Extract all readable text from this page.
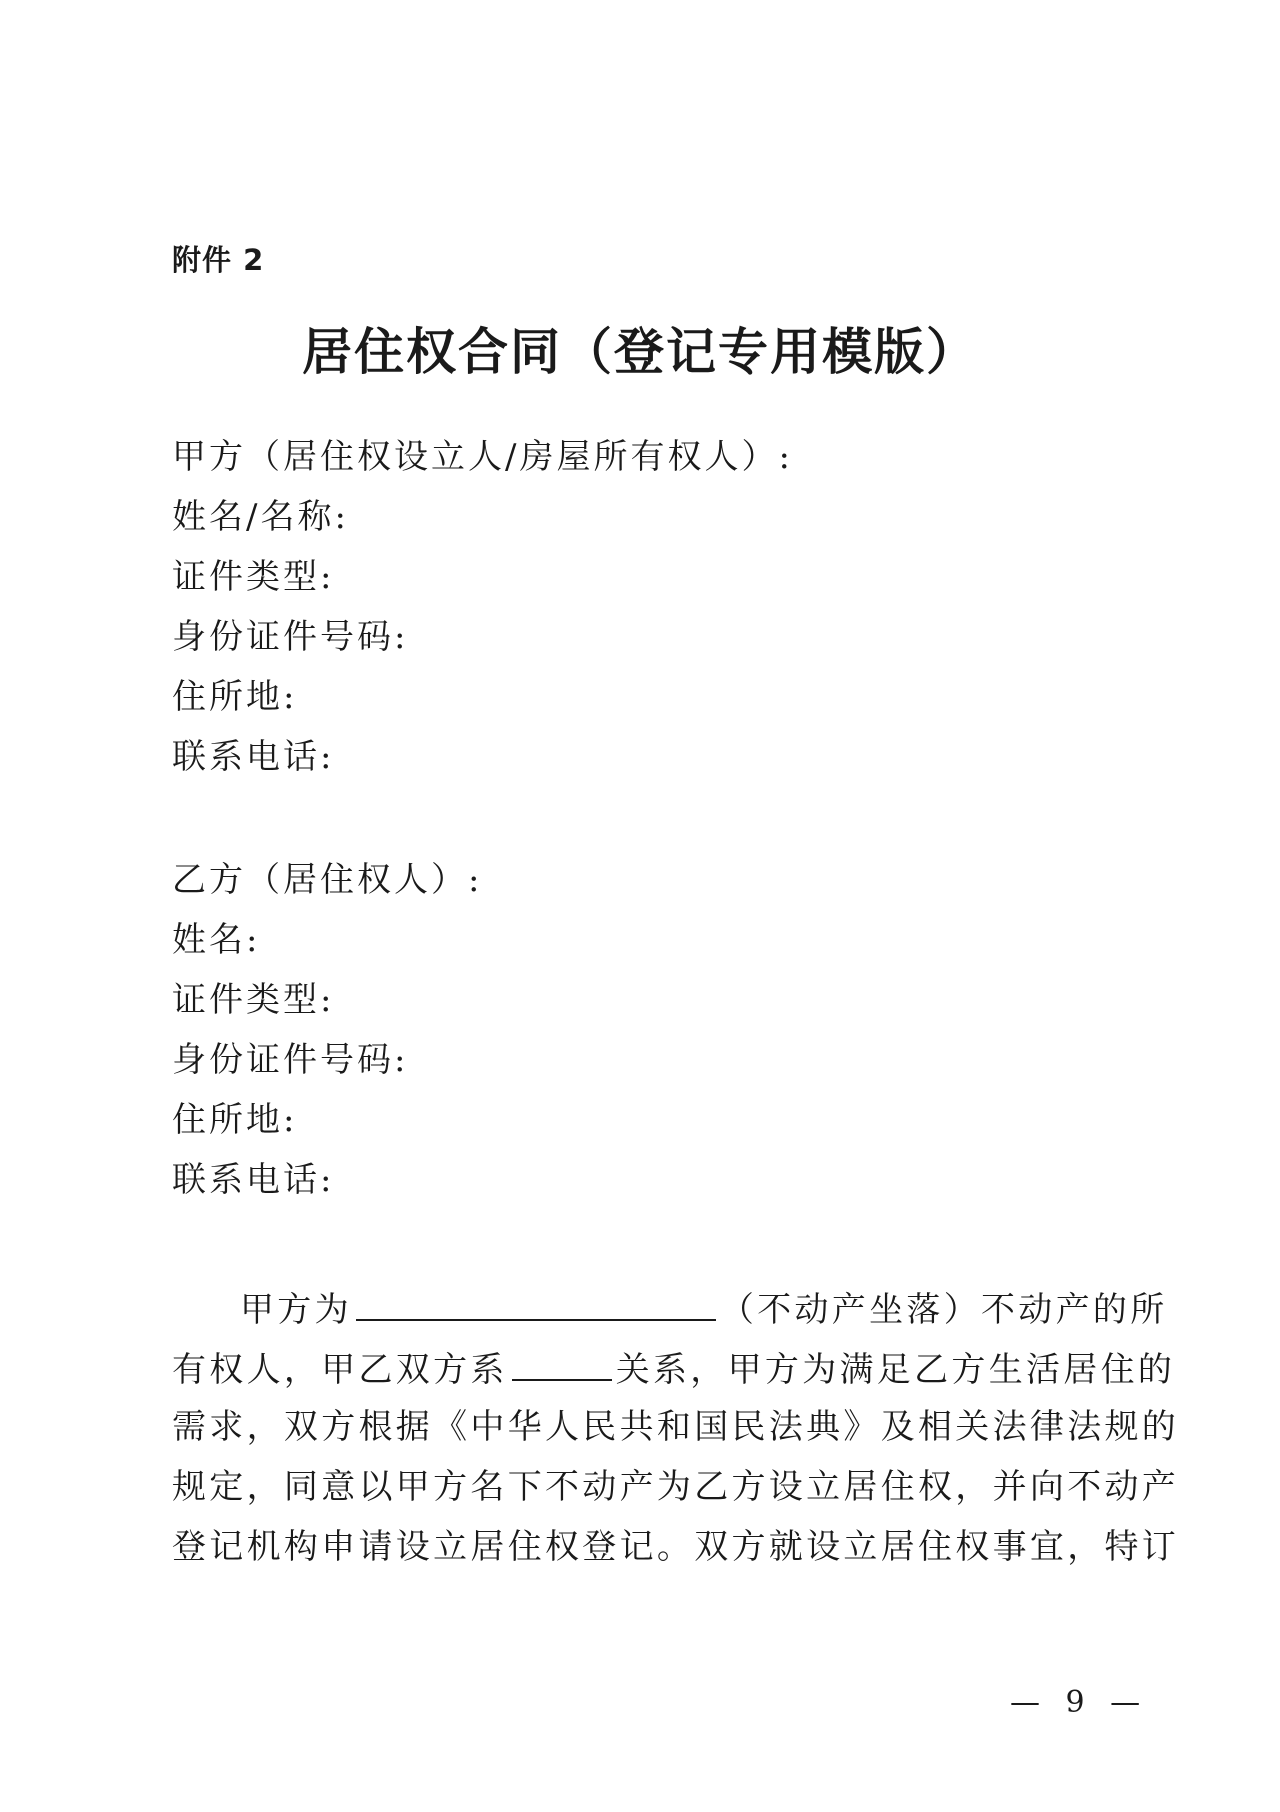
附件 2
居住权合同（登记专用模版）
甲方（居住权设立人/房屋所有权人）:
姓名/名称:
证件类型:
身份证件号码:
住所地:
联系电话:
乙方（居住权人）:
姓名:
证件类型:
身份证件号码:
住所地:
联系电话:
甲方为	（不动产坐落）不动产的所
有权人，甲乙双方系	关系，甲方为满足乙方生活居住的
需求，双方根据《中华人民共和国民法典》及相关法律法规的
规定，同意以甲方名下不动产为乙方设立居住权，并向不动产
登记机构申请设立居住权登记。双方就设立居住权事宜，特订
— 9 —
